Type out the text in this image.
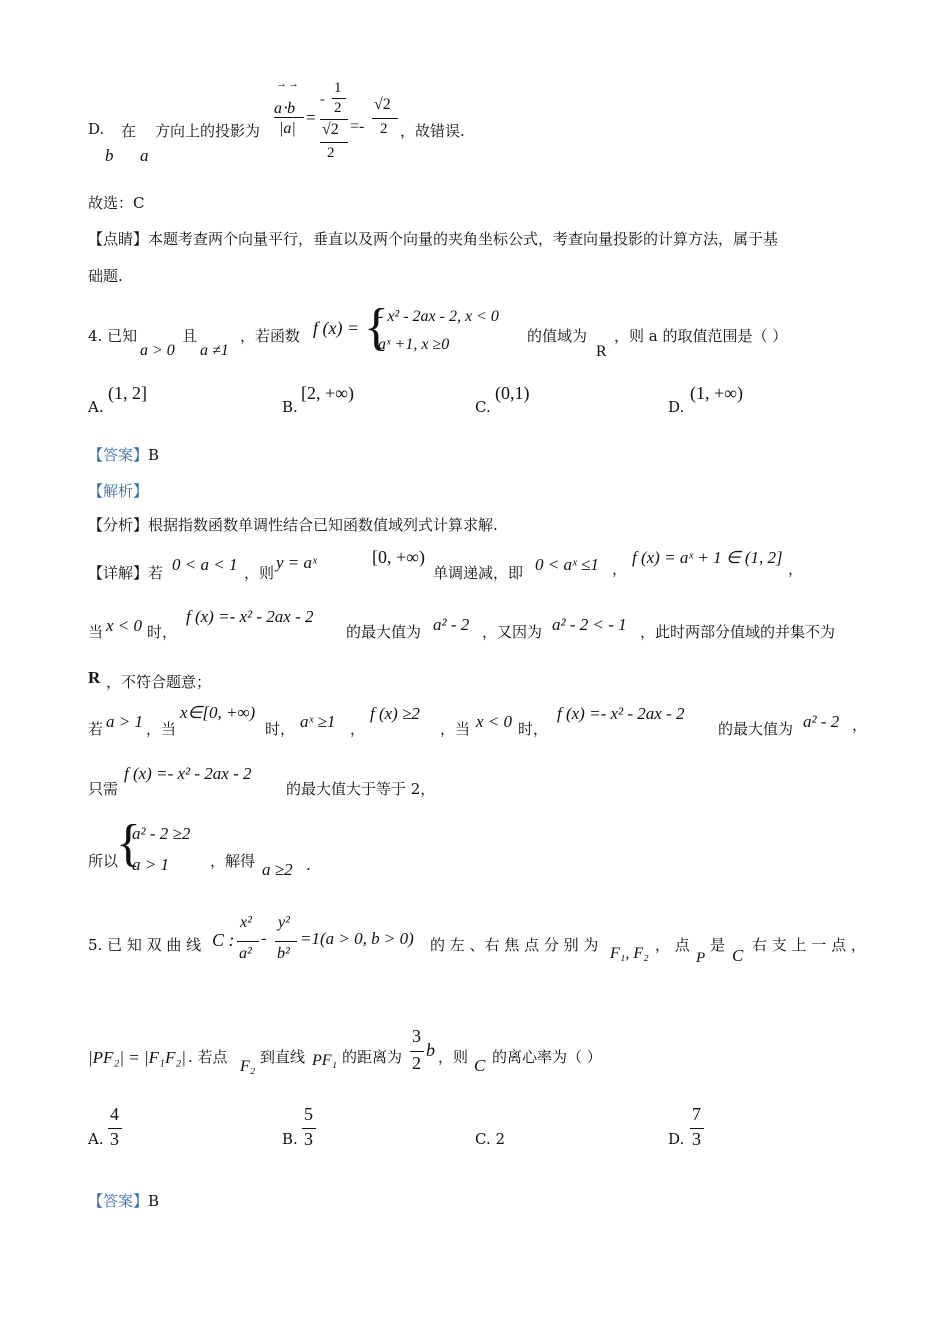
D. 在 方向上的投影为
b a
→→
a⋅b
|a|
=
-
1
2
√2
2
=-
√2
2 ，故错误.
故选：C
【点睛】本题考查两个向量平行，垂直以及两个向量的夹角坐标公式，考查向量投影的计算方法，属于基
础题.
4. 已知
a > 0
且
a ≠1
，若函数 f (x) = {
- x² - 2ax - 2, x < 0
aˣ +1, x ≥0	的值域为
R
，则 a 的取值范围是（ ）
A.
(1, 2]
B.
[2, +∞)
C.
(0,1)
D.
(1, +∞)
【答案】B
【解析】
【分析】根据指数函数单调性结合已知函数值域列式计算求解.
【详解】若 0 < a < 1 ，则
y = aˣ	[0, +∞)
单调递减，即 0 < aˣ ≤1 ，
f (x) = aˣ + 1 ∈ (1, 2]
，
当 x < 0 时，
f (x) =- x² - 2ax - 2
的最大值为 a² - 2 ，又因为 a² - 2 < - 1 ，此时两部分值域的并集不为
R ，不符合题意；
若 a > 1 ，当
x∈[0, +∞)
时， aˣ ≥1 ，
f (x) ≥2
，当 x < 0 时，
f (x) =- x² - 2ax - 2
的最大值为 a² - 2 ，
只需
f (x) =- x² - 2ax - 2
的最大值大于等于 2，
所以
{
a² - 2 ≥2
a > 1	，解得 a ≥2 .
5. 已 知 双 曲 线 C :
x²
a²
-
y²
b²
=1(a > 0, b > 0) 的 左 、右 焦 点 分 别 为 F₁, F₂ ， 点
P
是
C
右 支 上 一 点 ，
|PF₂| = |F₁F₂| . 若点
F₂
到直线 PF₁ 的距离为
3
2
b ，则 C 的离心率为（ ）
A.
4
3	B.
5
3	C. 2	D.
7
3
【答案】B
